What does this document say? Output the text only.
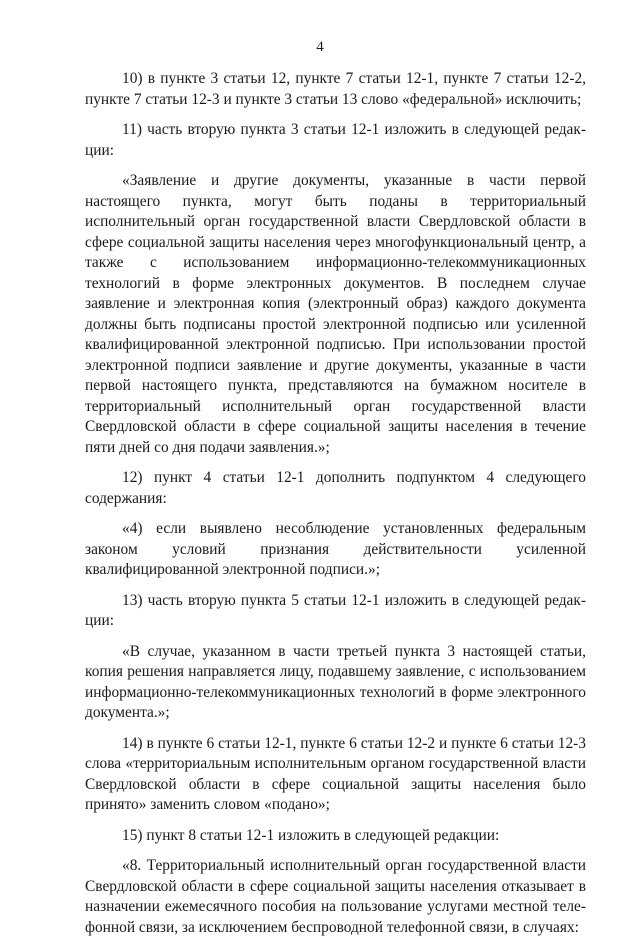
4

10) в пункте 3 статьи 12, пункте 7 статьи 12-1, пункте 7 статьи 12-2, пункте 7 статьи 12-3 и пункте 3 статьи 13 слово «федеральной» исключить;

11) часть вторую пункта 3 статьи 12-1 изложить в следующей редакции:

«Заявление и другие документы, указанные в части первой настоящего пункта, могут быть поданы в территориальный исполнительный орган государственной власти Свердловской области в сфере социальной защиты населения через многофункциональный центр, а также с использованием информационно-телекоммуникационных технологий в форме электронных документов. В последнем случае заявление и электронная копия (электронный образ) каждого документа должны быть подписаны простой электронной подписью или усиленной квалифицированной электронной подписью. При использовании простой электронной подписи заявление и другие документы, указанные в части первой настоящего пункта, представляются на бумажном носителе в территориальный исполнительный орган государственной власти Свердловской области в сфере социальной защиты населения в течение пяти дней со дня подачи заявления.»;

12) пункт 4 статьи 12-1 дополнить подпунктом 4 следующего содержания:

«4) если выявлено несоблюдение установленных федеральным законом условий признания действительности усиленной квалифицированной электронной подписи.»;

13) часть вторую пункта 5 статьи 12-1 изложить в следующей редакции:

«В случае, указанном в части третьей пункта 3 настоящей статьи, копия решения направляется лицу, подавшему заявление, с использованием информационно-телекоммуникационных технологий в форме электронного документа.»;

14) в пункте 6 статьи 12-1, пункте 6 статьи 12-2 и пункте 6 статьи 12-3 слова «территориальным исполнительным органом государственной власти Свердловской области в сфере социальной защиты населения было принято» заменить словом «подано»;

15) пункт 8 статьи 12-1 изложить в следующей редакции:

«8. Территориальный исполнительный орган государственной власти Свердловской области в сфере социальной защиты населения отказывает в назначении ежемесячного пособия на пользование услугами местной телефонной связи, за исключением беспроводной телефонной связи, в случаях:
